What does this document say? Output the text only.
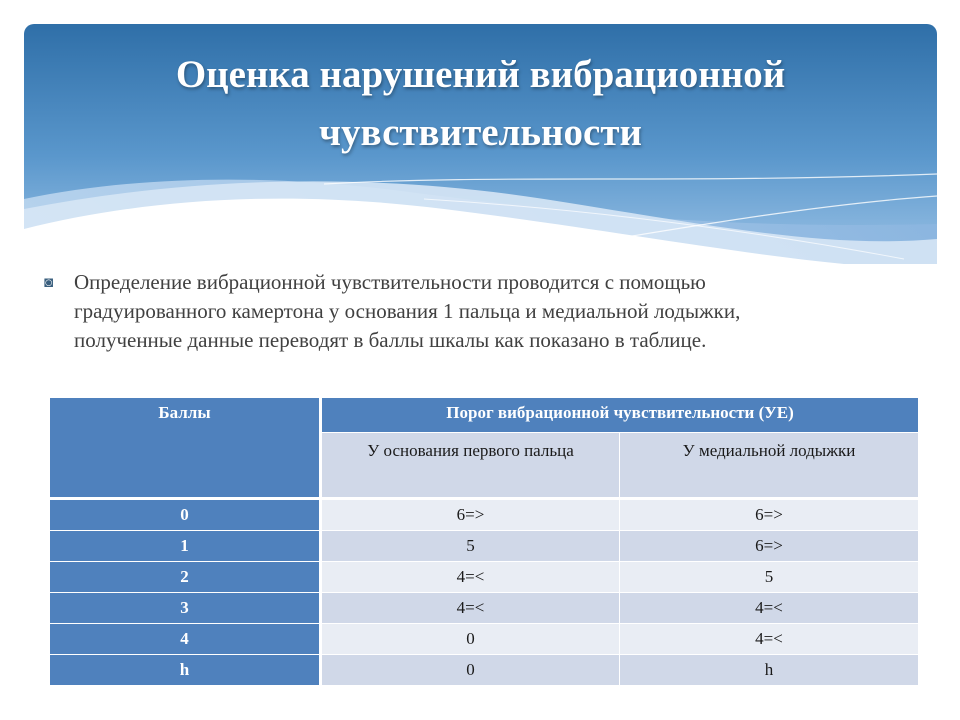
Оценка нарушений вибрационной
чувствительности
◙ Определение вибрационной чувствительности проводится с помощью
градуированного камертона у основания 1 пальца и медиальной лодыжки,
полученные данные переводят в баллы шкалы как показано в таблице.

Баллы	Порог вибрационной чувствительности (УЕ)	
	У основания первого пальца	У медиальной лодыжки
0	6=>	6=>
1	5	6=>
2	4=<	5
3	4=<	4=<
4	0	4=<
h	0	h
